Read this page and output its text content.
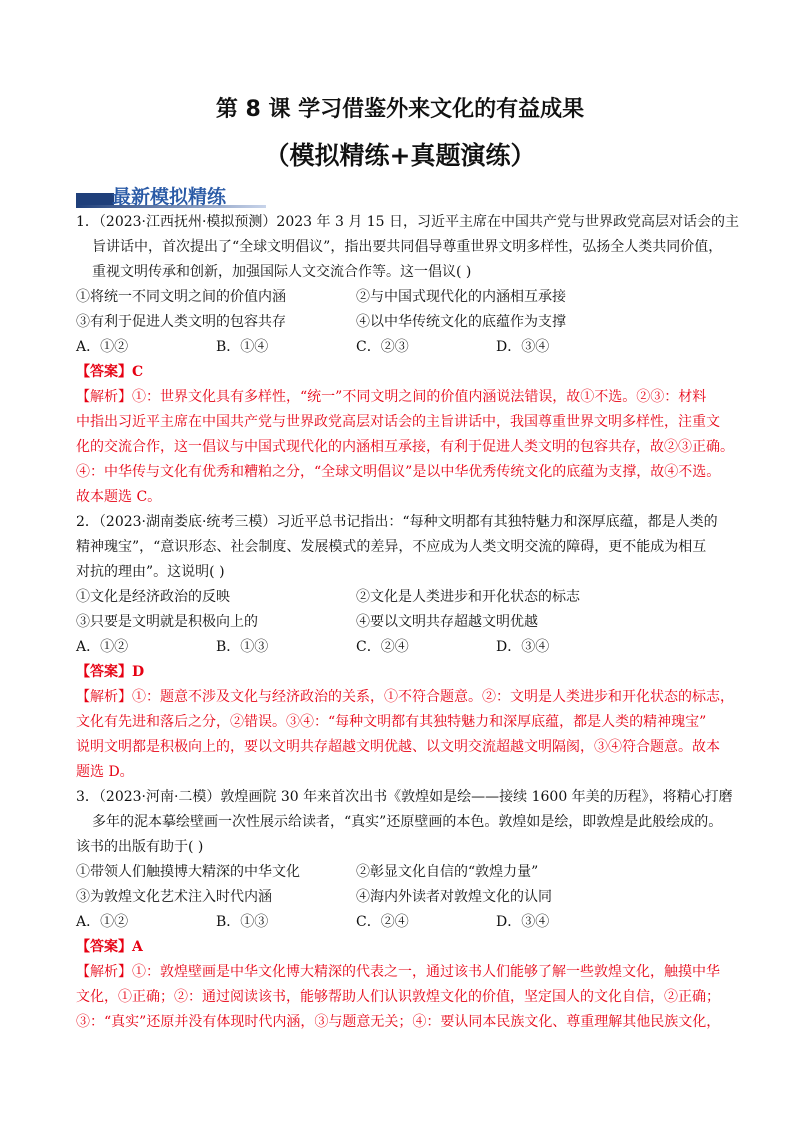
第 8 课 学习借鉴外来文化的有益成果
（模拟精练+真题演练）
最新模拟精练
1．（2023·江西抚州·模拟预测）2023 年 3 月 15 日，习近平主席在中国共产党与世界政党高层对话会的主
旨讲话中，首次提出了“全球文明倡议”，指出要共同倡导尊重世界文明多样性，弘扬全人类共同价值，
重视文明传承和创新，加强国际人文交流合作等。这一倡议( )
①将统一不同文明之间的价值内涵	②与中国式现代化的内涵相互承接
③有利于促进人类文明的包容共存	④以中华传统文化的底蕴作为支撑
A．①②	B．①④	C．②③	D．③④
【答案】C
【解析】①：世界文化具有多样性，“统一”不同文明之间的价值内涵说法错误，故①不选。②③：材料
中指出习近平主席在中国共产党与世界政党高层对话会的主旨讲话中，我国尊重世界文明多样性，注重文
化的交流合作，这一倡议与中国式现代化的内涵相互承接，有利于促进人类文明的包容共存，故②③正确。
④：中华传与文化有优秀和糟粕之分，“全球文明倡议”是以中华优秀传统文化的底蕴为支撑，故④不选。
故本题选 C。
2．（2023·湖南娄底·统考三模）习近平总书记指出：“每种文明都有其独特魅力和深厚底蕴，都是人类的
精神瑰宝”，“意识形态、社会制度、发展模式的差异，不应成为人类文明交流的障碍，更不能成为相互
对抗的理由”。这说明( )
①文化是经济政治的反映	②文化是人类进步和开化状态的标志
③只要是文明就是积极向上的	④要以文明共存超越文明优越
A．①②	B．①③	C．②④	D．③④
【答案】D
【解析】①：题意不涉及文化与经济政治的关系，①不符合题意。②：文明是人类进步和开化状态的标志，
文化有先进和落后之分，②错误。③④：“每种文明都有其独特魅力和深厚底蕴，都是人类的精神瑰宝”
说明文明都是积极向上的，要以文明共存超越文明优越、以文明交流超越文明隔阂，③④符合题意。故本
题选 D。
3．（2023·河南·二模）敦煌画院 30 年来首次出书《敦煌如是绘——接续 1600 年美的历程》，将精心打磨
多年的泥本摹绘壁画一次性展示给读者，“真实”还原壁画的本色。敦煌如是绘，即敦煌是此般绘成的。
该书的出版有助于( )
①带领人们触摸博大精深的中华文化	②彰显文化自信的“敦煌力量”
③为敦煌文化艺术注入时代内涵	④海内外读者对敦煌文化的认同
A．①②	B．①③	C．②④	D．③④
【答案】A
【解析】①：敦煌壁画是中华文化博大精深的代表之一，通过该书人们能够了解一些敦煌文化，触摸中华
文化，①正确；②：通过阅读该书，能够帮助人们认识敦煌文化的价值，坚定国人的文化自信，②正确；
③：“真实”还原并没有体现时代内涵，③与题意无关；④：要认同本民族文化、尊重理解其他民族文化，
